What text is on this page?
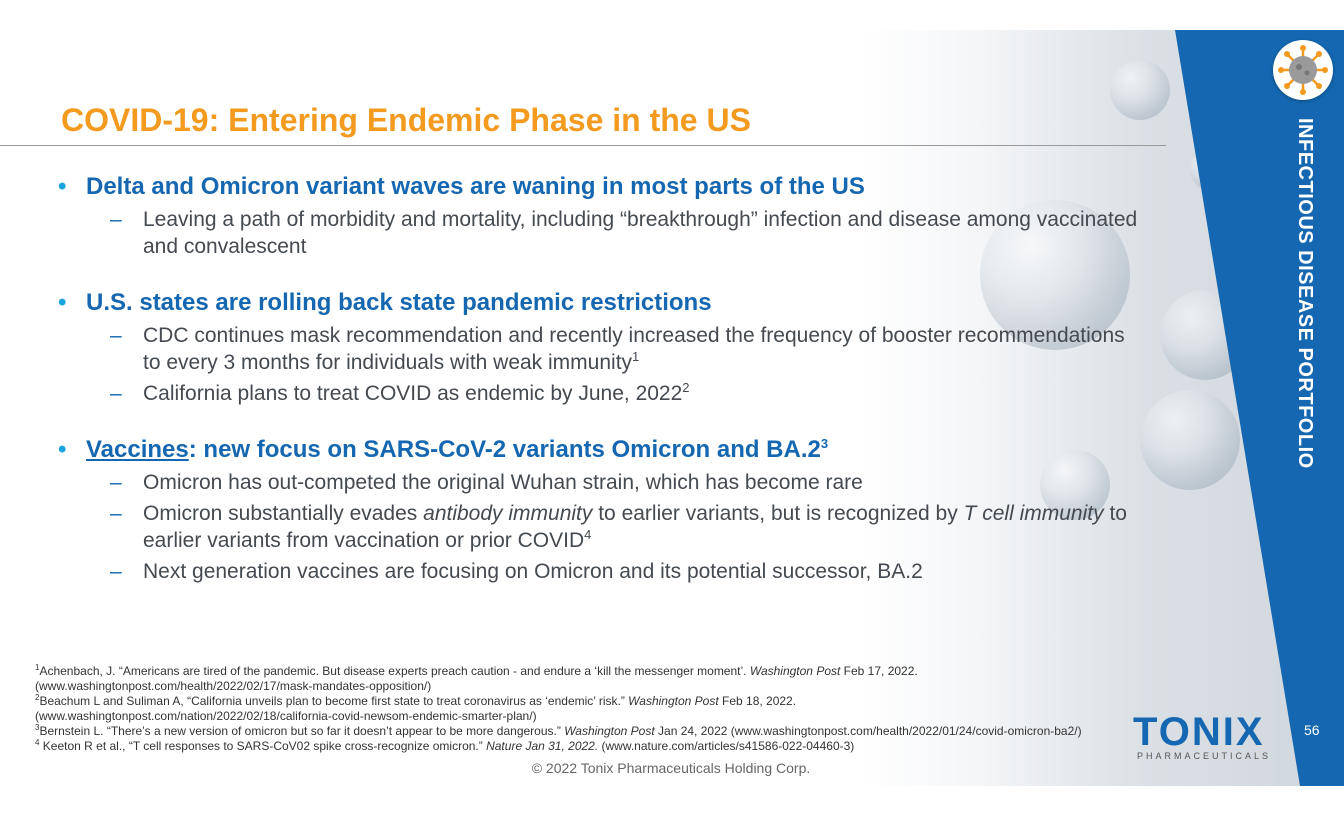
INFECTIOUS DISEASE PORTFOLIO
COVID-19: Entering Endemic Phase in the US
• Delta and Omicron variant waves are waning in most parts of the US
– Leaving a path of morbidity and mortality, including “breakthrough” infection and disease among vaccinated and convalescent
• U.S. states are rolling back state pandemic restrictions
– CDC continues mask recommendation and recently increased the frequency of booster recommendations to every 3 months for individuals with weak immunity$^1$
– California plans to treat COVID as endemic by June, 2022$^2$
• Vaccines: new focus on SARS-CoV-2 variants Omicron and $BA.2^3$
– Omicron has out-competed the original Wuhan strain, which has become rare
– Omicron substantially evades antibody immunity to earlier variants, but is recognized by T cell immunity to earlier variants from vaccination or prior COVID$^4$
– Next generation vaccines are focusing on Omicron and its potential successor, BA.2
$^1$Achenbach, J. “Americans are tired of the pandemic. But disease experts preach caution - and endure a ‘kill the messenger moment’. Washington Post Feb 17, 2022.
(www.washingtonpost.com/health/2022/02/17/mask-mandates-opposition/)
$^2$Beachum L and Suliman A, “California unveils plan to become first state to treat coronavirus as ‘endemic’ risk.” Washington Post Feb 18, 2022.
(www.washingtonpost.com/nation/2022/02/18/california-covid-newsom-endemic-smarter-plan/)
$^3$Bernstein L. “There’s a new version of omicron but so far it doesn’t appear to be more dangerous.” Washington Post Jan 24, 2022 (www.washingtonpost.com/health/2022/01/24/covid-omicron-ba2/)
$^4$ Keeton R et al., “T cell responses to SARS-CoV02 spike cross-recognize omicron.” Nature Jan 31, 2022. (www.nature.com/articles/s41586-022-04460-3)
© 2022 Tonix Pharmaceuticals Holding Corp.
TONIX
PHARMACEUTICALS
56
